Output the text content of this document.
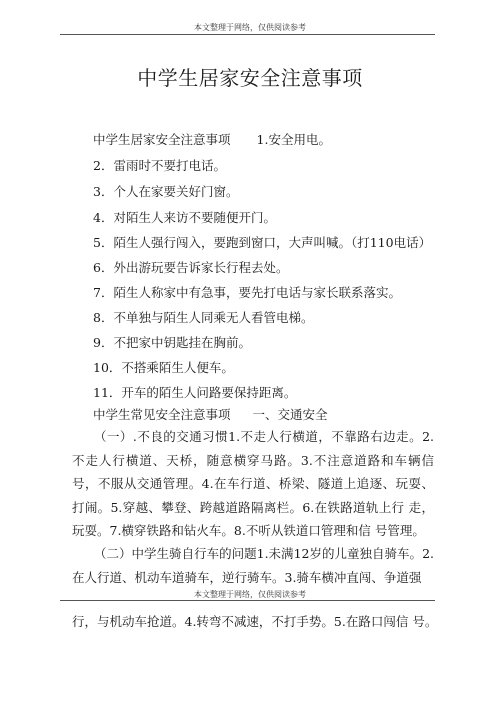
本文整理于网络，仅供阅读参考
中学生居家安全注意事项
中学生居家安全注意事项 1.安全用电。
2．雷雨时不要打电话。
3．个人在家要关好门窗。
4．对陌生人来访不要随便开门。
5．陌生人强行闯入，要跑到窗口，大声叫喊。（打110电话）
6．外出游玩要告诉家长行程去处。
7．陌生人称家中有急事，要先打电话与家长联系落实。
8．不单独与陌生人同乘无人看管电梯。
9．不把家中钥匙挂在胸前。
10．不搭乘陌生人便车。
11．开车的陌生人问路要保持距离。
中学生常见安全注意事项 一、交通安全
（一）.不良的交通习惯1.不走人行横道，不靠路右边走。2.不走人行横道、天桥，随意横穿马路。3.不注意道路和车辆信 号，不服从交通管理。4.在车行道、桥梁、隧道上追逐、玩耍、 打闹。5.穿越、攀登、跨越道路隔离栏。6.在铁路道轨上行 走，玩耍。7.横穿铁路和钻火车。8.不听从铁道口管理和信 号管理。
（二）中学生骑自行车的问题1.未满12岁的儿童独自骑车。2.在人行道、机动车道骑车，逆行骑车。3.骑车横冲直闯、争道强
本文整理于网络，仅供阅读参考
行，与机动车抢道。4.转弯不减速，不打手势。5.在路口闯信 号。
